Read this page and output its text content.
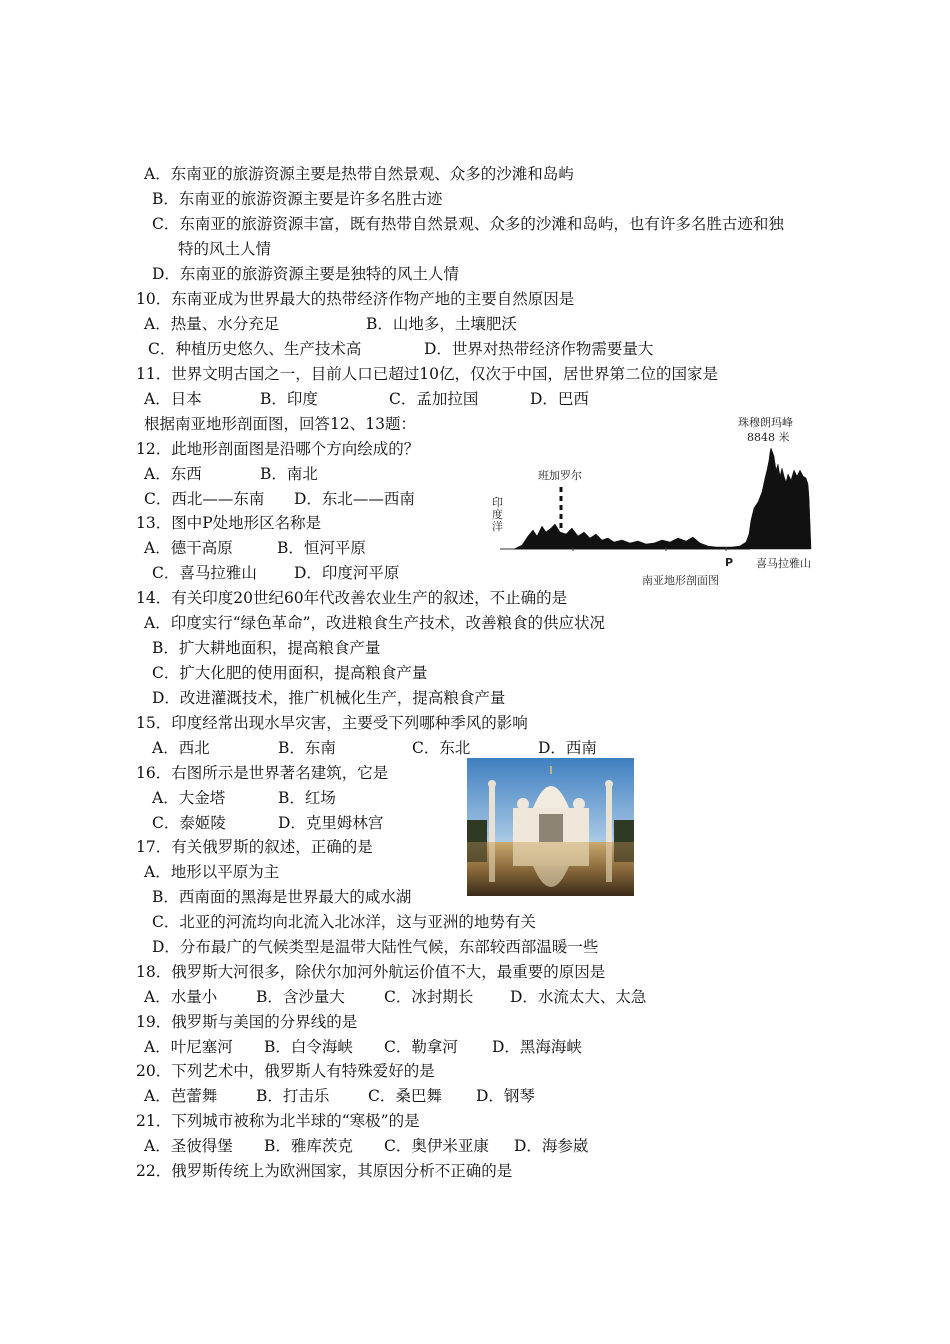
A．东南亚的旅游资源主要是热带自然景观、众多的沙滩和岛屿
B．东南亚的旅游资源主要是许多名胜古迹
C．东南亚的旅游资源丰富，既有热带自然景观、众多的沙滩和岛屿，也有许多名胜古迹和独
特的风土人情
D．东南亚的旅游资源主要是独特的风土人情
10．东南亚成为世界最大的热带经济作物产地的主要自然原因是
A．热量、水分充足	B．山地多，土壤肥沃
C．种植历史悠久、生产技术高	D．世界对热带经济作物需要量大
11．世界文明古国之一，目前人口已超过10亿，仅次于中国，居世界第二位的国家是
A．日本	B．印度	C．孟加拉国	D．巴西
根据南亚地形剖面图，回答12、13题：
12．此地形剖面图是沿哪个方向绘成的？
A．东西	B．南北
C．西北——东南 D．东北——西南
13．图中P处地形区名称是
A．德干高原	B．恒河平原
C．喜马拉雅山 D．印度河平原
珠穆朗玛峰
8848 米
班加罗尔
印
度
洋
P 喜马拉雅山
南亚地形剖面图
14．有关印度20世纪60年代改善农业生产的叙述，不止确的是
A．印度实行“绿色革命”，改进粮食生产技术，改善粮食的供应状况
B．扩大耕地面积，提高粮食产量
C．扩大化肥的使用面积，提高粮食产量
D．改进灌溉技术，推广机械化生产，提高粮食产量
15．印度经常出现水旱灾害，主要受下列哪种季风的影响
A．西北	B．东南	C．东北	D．西南
16．右图所示是世界著名建筑，它是
A．大金塔	B．红场
C．泰姬陵	D．克里姆林宫
17．有关俄罗斯的叙述，正确的是
A．地形以平原为主
B．西南面的黑海是世界最大的咸水湖
C．北亚的河流均向北流入北冰洋，这与亚洲的地势有关
D．分布最广的气候类型是温带大陆性气候，东部较西部温暖一些
18．俄罗斯大河很多，除伏尔加河外航运价值不大，最重要的原因是
A．水量小	B．含沙量大	C．冰封期长 D．水流太大、太急
19．俄罗斯与美国的分界线的是
A．叶尼塞河 B．白令海峡 C．勒拿河 D．黑海海峡
20．下列艺术中，俄罗斯人有特殊爱好的是
A．芭蕾舞	B．打击乐 C．桑巴舞 D．钢琴
21．下列城市被称为北半球的“寒极”的是
A．圣彼得堡 B．雅库茨克 C．奥伊米亚康 D．海参崴
22．俄罗斯传统上为欧洲国家，其原因分析不正确的是
